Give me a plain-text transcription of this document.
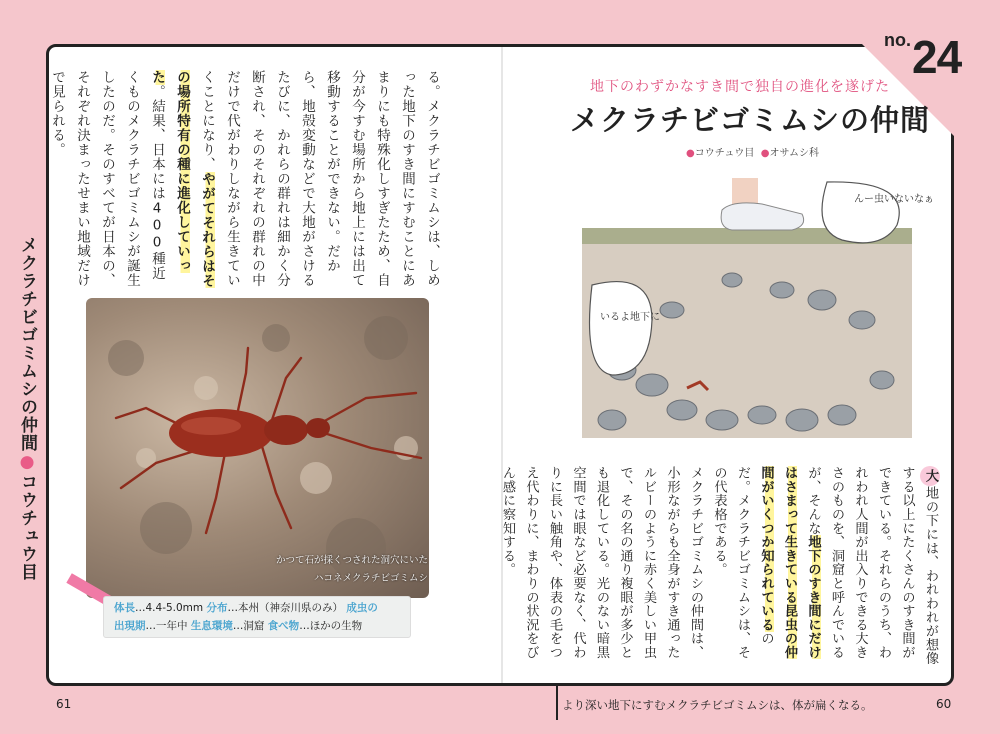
no. 24
る。メクラチビゴミムシは、しめった地下のすき間にすむことにあまりにも特殊化しすぎたため、自分が今すむ場所から地上には出て移動することができない。だから、地殻変動などで大地がさけるたびに、かれらの群れは細かく分断され、そのそれぞれの群れの中だけで代がわりしながら生きていくことになり、やがてそれらはその場所特有の種に進化していった。結果、日本には400種近くものメクラチビゴミムシが誕生したのだ。そのすべてが日本の、それぞれ決まったせまい地域だけで見られる。
メクラチビゴミムシの仲間●コウチュウ目	かつて石が採くつされた洞穴にいた
ハコネメクラチビゴミムシ
体長…4.4-5.0mm 分布…本州（神奈川県のみ） 成虫の
出現期…一年中 生息環境…洞窟 食べ物…ほかの生物
地下のわずかなすき間で独自の進化を遂げた
メクラチビゴミムシの仲間
●コウチュウ目 ●オサムシ科
んー虫いないなぁ
いるよ地下に
大地の下には、われわれが想像する以上にたくさんのすき間ができている。それらのうち、われわれ人間が出入りできる大きさのものを、洞窟と呼んでいるが、そんな地下のすき間にだけはさまって生きている昆虫の仲間がいくつか知られているのだ。メクラチビゴミムシは、その代表格である。
メクラチビゴミムシの仲間は、小形ながらも全身がすき通ったルビーのように赤く美しい甲虫で、その名の通り複眼が多少とも退化している。光のない暗黒空間では眼など必要なく、代わりに長い触角や、体表の毛をつえ代わりに、まわりの状況をびん感に察知する。
61	より深い地下にすむメクラチビゴミムシは、体が扁くなる。	60
